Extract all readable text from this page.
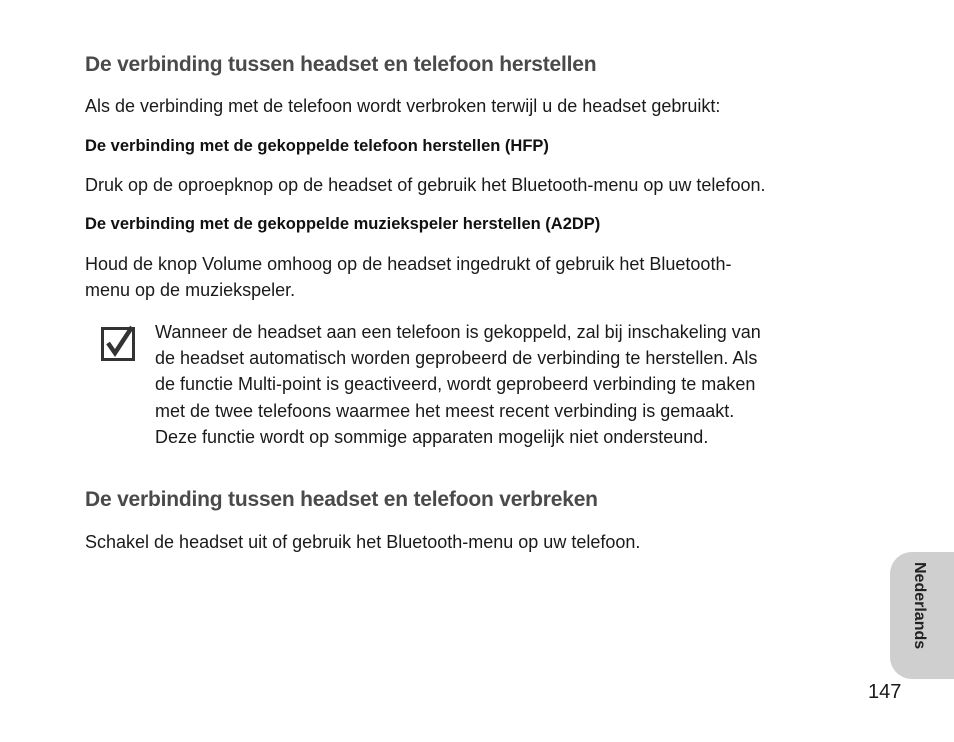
De verbinding tussen headset en telefoon herstellen
Als de verbinding met de telefoon wordt verbroken terwijl u de headset gebruikt:
De verbinding met de gekoppelde telefoon herstellen (HFP)
Druk op de oproepknop op de headset of gebruik het Bluetooth-menu op uw telefoon.
De verbinding met de gekoppelde muziekspeler herstellen (A2DP)
Houd de knop Volume omhoog op de headset ingedrukt of gebruik het Bluetooth-
menu op de muziekspeler.
Wanneer de headset aan een telefoon is gekoppeld, zal bij inschakeling van
de headset automatisch worden geprobeerd de verbinding te herstellen. Als
de functie Multi-point is geactiveerd, wordt geprobeerd verbinding te maken
met de twee telefoons waarmee het meest recent verbinding is gemaakt.
Deze functie wordt op sommige apparaten mogelijk niet ondersteund.
De verbinding tussen headset en telefoon verbreken
Schakel de headset uit of gebruik het Bluetooth-menu op uw telefoon.
Nederlands
147
